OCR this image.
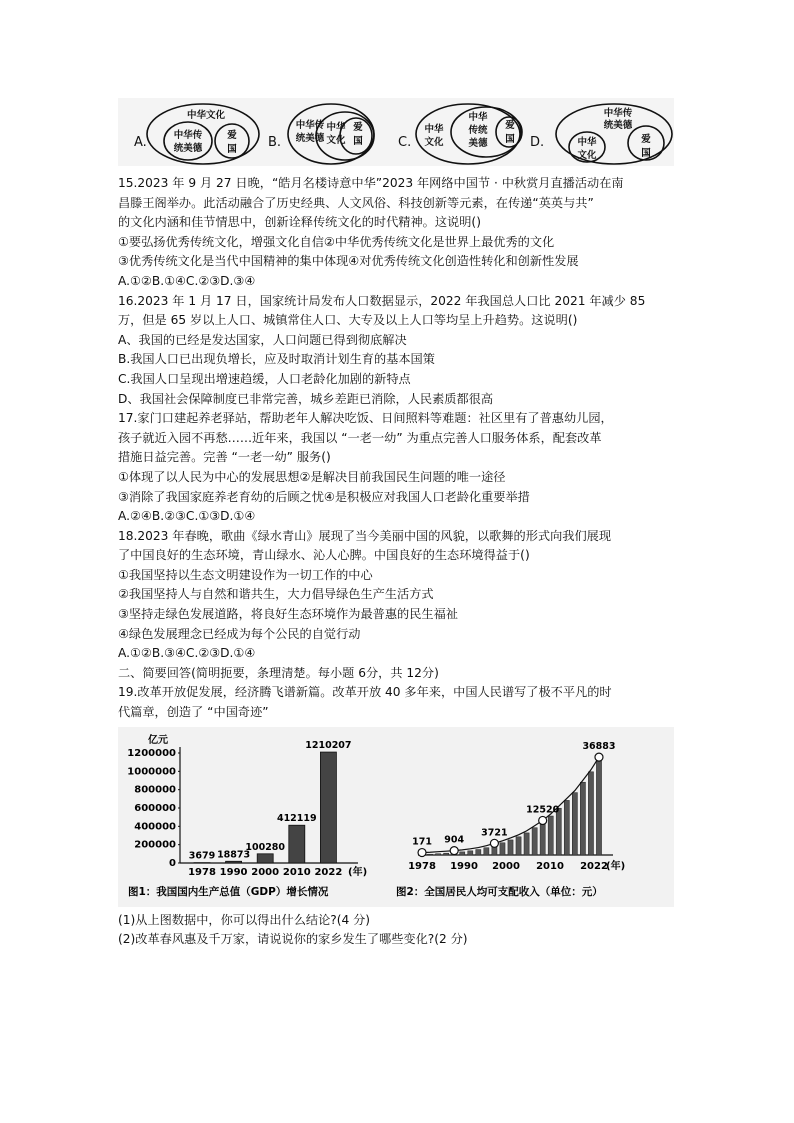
A.	B.	C.	D.
中华文化
中华传
统美德
爱
国
中华传
统美德
中华
文化
爱
国
中华
文化
中华
传统
美德
爱
国
中华传
统美德
中华
文化
爱
国

15.2023 年 9 月 27 日晚，“皓月名楼诗意中华”2023 年网络中国节 · 中秋赏月直播活动在南

昌滕王阁举办。此活动融合了历史经典、人文风俗、科技创新等元素，在传递“英英与共”

的文化内涵和佳节情思中，创新诠释传统文化的时代精神。这说明()

①要弘扬优秀传统文化，增强文化自信②中华优秀传统文化是世界上最优秀的文化

③优秀传统文化是当代中国精神的集中体现④对优秀传统文化创造性转化和创新性发展

A.①②B.①④C.②③D.③④

16.2023 年 1 月 17 日，国家统计局发布人口数据显示，2022 年我国总人口比 2021 年减少 85

万，但是 65 岁以上人口、城镇常住人口、大专及以上人口等均呈上升趋势。这说明()

A、我国的已经是发达国家，人口问题已得到彻底解决

B.我国人口已出现负增长，应及时取消计划生育的基本国策

C.我国人口呈现出增速趋缓，人口老龄化加剧的新特点

D、我国社会保障制度已非常完善，城乡差距已消除，人民素质都很高

17.家门口建起养老驿站，帮助老年人解决吃饭、日间照料等难题：社区里有了普惠幼儿园，

孩子就近入园不再愁……近年来，我国以 “一老一幼” 为重点完善人口服务体系，配套改革

措施日益完善。完善 “一老一幼” 服务()

①体现了以人民为中心的发展思想②是解决目前我国民生问题的唯一途径

③消除了我国家庭养老育幼的后顾之忧④是积极应对我国人口老龄化重要举措

A.②④B.②③C.①③D.①④

18.2023 年春晚，歌曲《绿水青山》展现了当今美丽中国的风貌，以歌舞的形式向我们展现

了中国良好的生态环境，青山绿水、沁人心脾。中国良好的生态环境得益于()

①我国坚持以生态文明建设作为一切工作的中心

②我国坚持人与自然和谐共生，大力倡导绿色生产生活方式

③坚持走绿色发展道路，将良好生态环境作为最普惠的民生福祉

④绿色发展理念已经成为每个公民的自觉行动

A.①②B.③④C.②③D.①④

二、简要回答(简明扼要，条理清楚。每小题 6分，共 12分)

19.改革开放促发展，经济腾飞谱新篇。改革开放 40 多年来，中国人民谱写了极不平凡的时

代篇章，创造了 “中国奇迹”

亿元
0
200000
400000
600000
800000
1000000
1200000
3679
1978
18873
1990
100280
2000
412119
2010
1210207
2022 (年)
图1：我国国内生产总值（GDP）增长情况
171 904
3721
12520
36883
1978 1990 2000 2010 2022
(年)
图2：全国居民人均可支配收入（单位：元）

(1)从上图数据中，你可以得出什么结论?(4 分)

(2)改革春风惠及千万家，请说说你的家乡发生了哪些变化?(2 分)
